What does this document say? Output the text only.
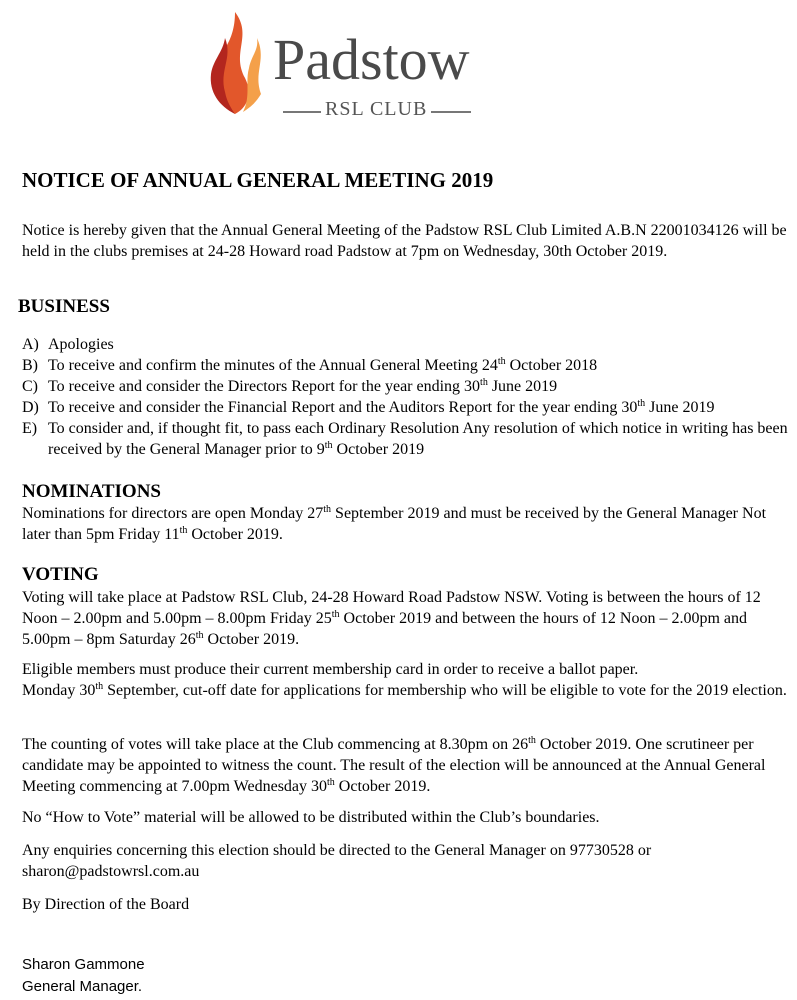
Padstow
RSL CLUB
NOTICE OF ANNUAL GENERAL MEETING 2019

Notice is hereby given that the Annual General Meeting of the Padstow RSL Club Limited A.B.N 22001034126 will be held in the clubs premises at 24-28 Howard road Padstow at 7pm on Wednesday, 30th October 2019.

BUSINESS
A) Apologies
B) To receive and confirm the minutes of the Annual General Meeting 24th October 2018
C) To receive and consider the Directors Report for the year ending 30th June 2019
D) To receive and consider the Financial Report and the Auditors Report for the year ending 30th June 2019
E) To consider and, if thought fit, to pass each Ordinary Resolution Any resolution of which notice in writing has been received by the General Manager prior to 9th October 2019
NOMINATIONS

Nominations for directors are open Monday 27th September 2019 and must be received by the General Manager Not later than 5pm Friday 11th October 2019.

VOTING

Voting will take place at Padstow RSL Club, 24-28 Howard Road Padstow NSW. Voting is between the hours of 12 Noon – 2.00pm and 5.00pm – 8.00pm Friday 25th October 2019 and between the hours of 12 Noon – 2.00pm and 5.00pm – 8pm Saturday 26th October 2019.

Eligible members must produce their current membership card in order to receive a ballot paper.
Monday 30th September, cut-off date for applications for membership who will be eligible to vote for the 2019 election.

The counting of votes will take place at the Club commencing at 8.30pm on 26th October 2019. One scrutineer per candidate may be appointed to witness the count. The result of the election will be announced at the Annual General Meeting commencing at 7.00pm Wednesday 30th October 2019.

No “How to Vote” material will be allowed to be distributed within the Club’s boundaries.

Any enquiries concerning this election should be directed to the General Manager on 97730528 or sharon@padstowrsl.com.au

By Direction of the Board

Sharon Gammone
General Manager.
